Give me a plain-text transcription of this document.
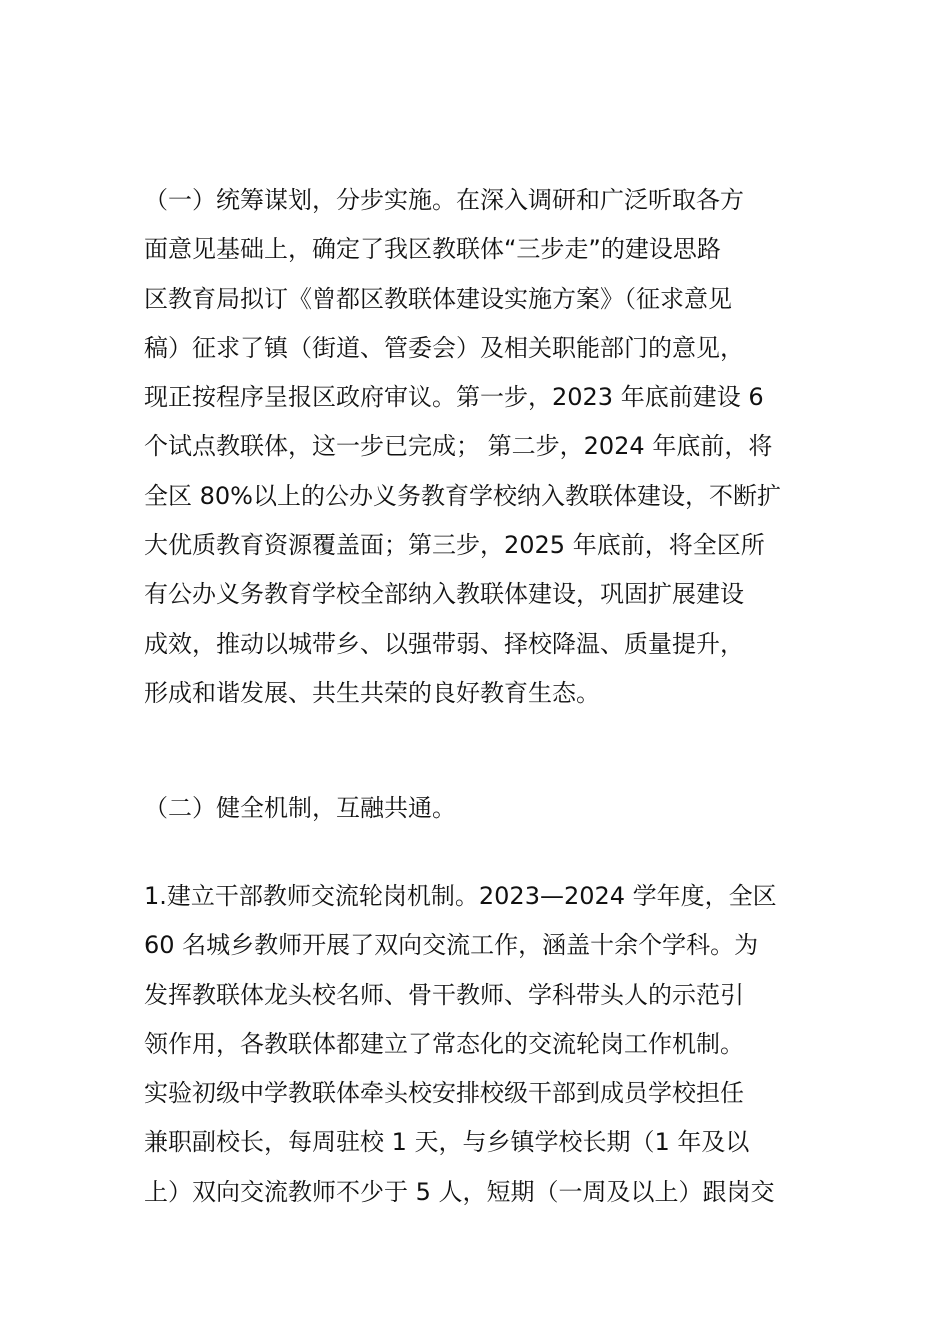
（一）统筹谋划，分步实施。在深入调研和广泛听取各方
面意见基础上，确定了我区教联体“三步走”的建设思路
区教育局拟订《曾都区教联体建设实施方案》（征求意见
稿）征求了镇（街道、管委会）及相关职能部门的意见，
现正按程序呈报区政府审议。第一步，2023 年底前建设 6
个试点教联体，这一步已完成； 第二步，2024 年底前，将
全区 80%以上的公办义务教育学校纳入教联体建设，不断扩
大优质教育资源覆盖面；第三步，2025 年底前，将全区所
有公办义务教育学校全部纳入教联体建设，巩固扩展建设
成效，推动以城带乡、以强带弱、择校降温、质量提升，
形成和谐发展、共生共荣的良好教育生态。
（二）健全机制，互融共通。
1.建立干部教师交流轮岗机制。2023—2024 学年度，全区
60 名城乡教师开展了双向交流工作，涵盖十余个学科。为
发挥教联体龙头校名师、骨干教师、学科带头人的示范引
领作用，各教联体都建立了常态化的交流轮岗工作机制。
实验初级中学教联体牵头校安排校级干部到成员学校担任
兼职副校长，每周驻校 1 天，与乡镇学校长期（1 年及以
上）双向交流教师不少于 5 人，短期（一周及以上）跟岗交
